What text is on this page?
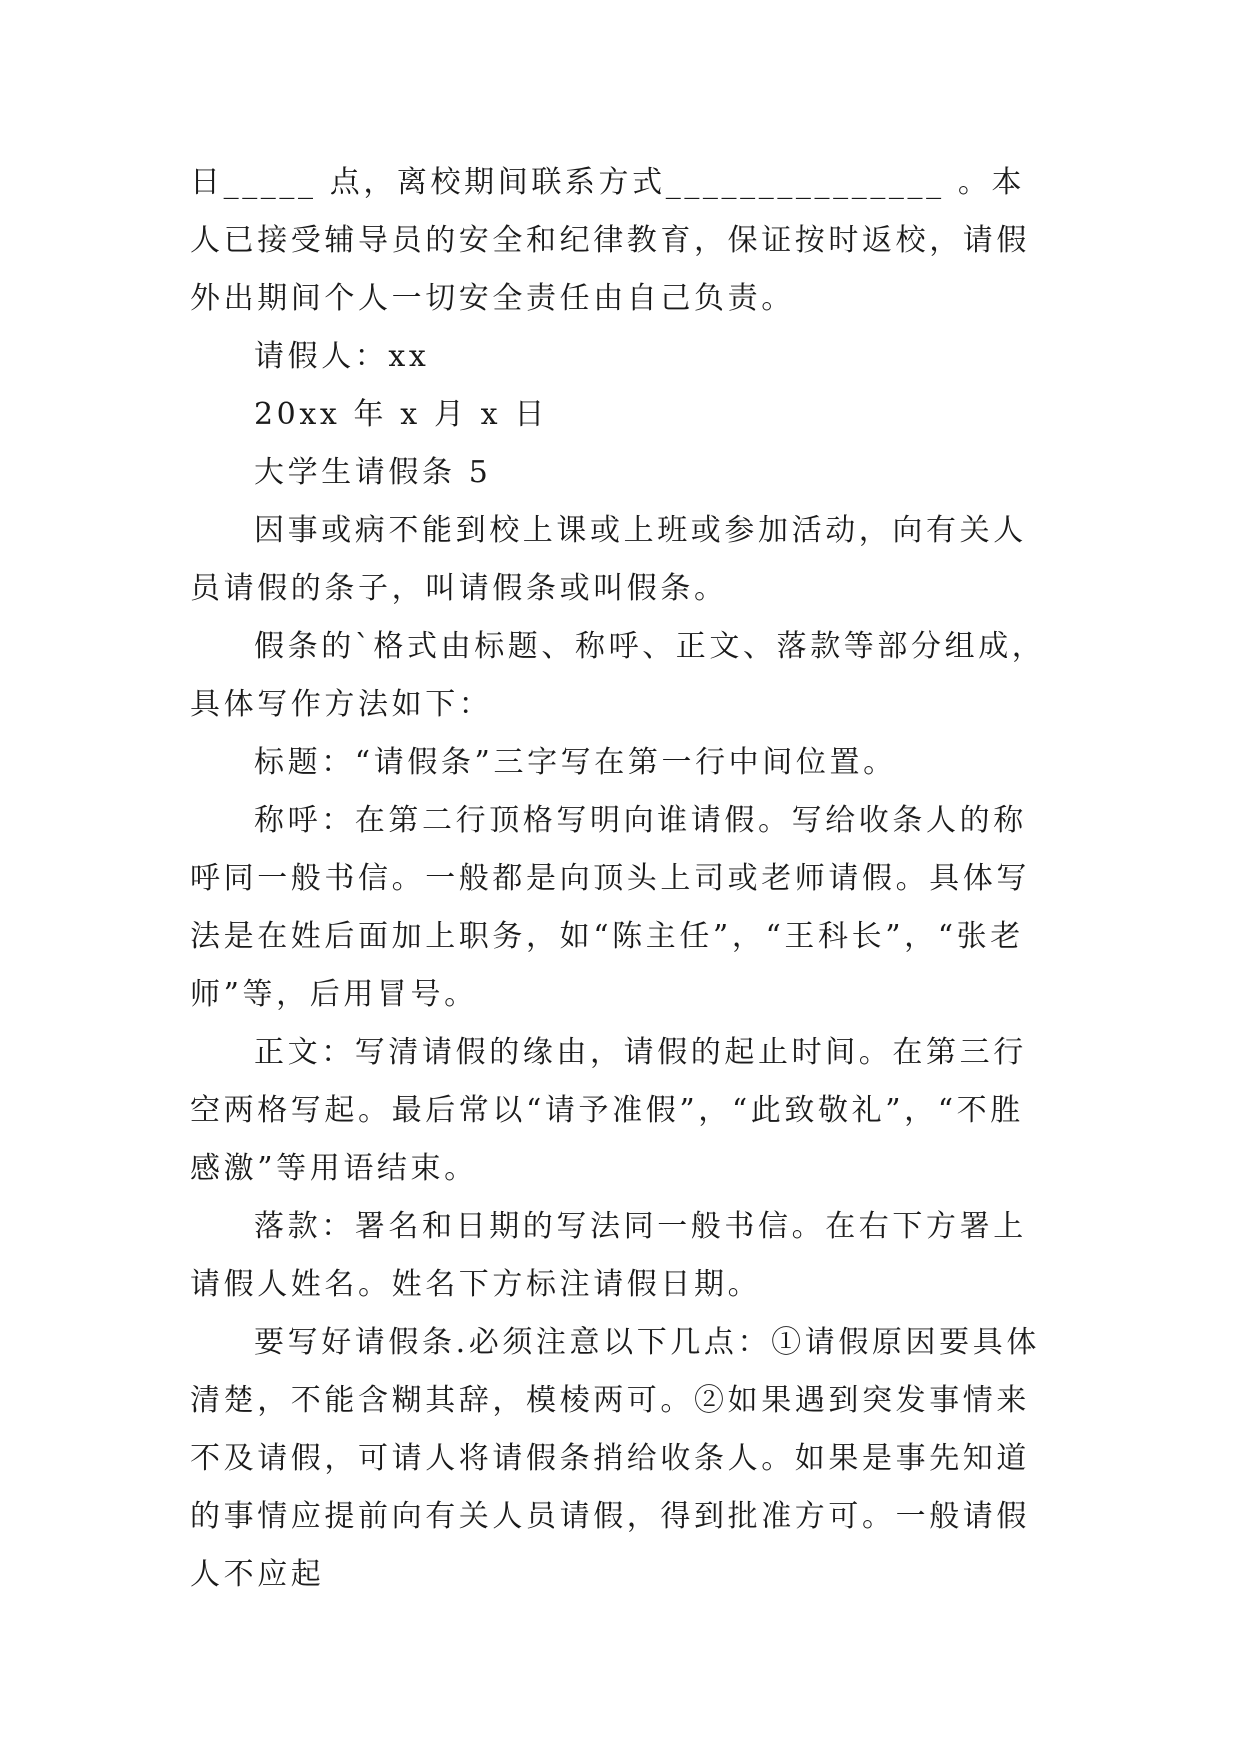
日_____ 点，离校期间联系方式_______________ 。本人已接受辅导员的安全和纪律教育，保证按时返校，请假外出期间个人一切安全责任由自己负责。

请假人：xx

20xx 年 x 月 x 日

大学生请假条 5

因事或病不能到校上课或上班或参加活动，向有关人员请假的条子，叫请假条或叫假条。

假条的`格式由标题、称呼、正文、落款等部分组成，具体写作方法如下：

标题：“请假条”三字写在第一行中间位置。

称呼：在第二行顶格写明向谁请假。写给收条人的称呼同一般书信。一般都是向顶头上司或老师请假。具体写法是在姓后面加上职务，如“陈主任”，“王科长”，“张老师”等，后用冒号。

正文：写清请假的缘由，请假的起止时间。在第三行空两格写起。最后常以“请予准假”，“此致敬礼”，“不胜感激”等用语结束。

落款：署名和日期的写法同一般书信。在右下方署上请假人姓名。姓名下方标注请假日期。

要写好请假条.必须注意以下几点：①请假原因要具体清楚，不能含糊其辞，模棱两可。②如果遇到突发事情来不及请假，可请人将请假条捎给收条人。如果是事先知道的事情应提前向有关人员请假，得到批准方可。一般请假人不应起
